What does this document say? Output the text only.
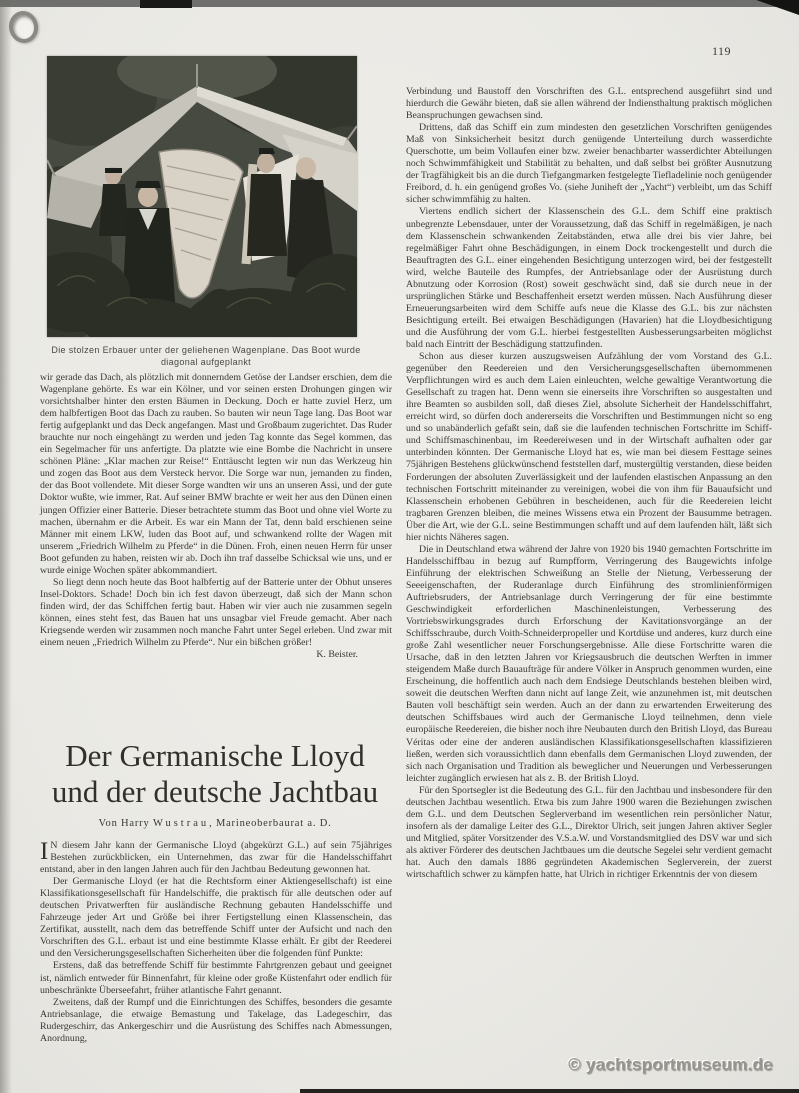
119
Die stolzen Erbauer unter der geliehenen Wagenplane. Das Boot wurde
diagonal aufgeplankt

wir gerade das Dach, als plötzlich mit donnerndem Getöse der Landser erschien, dem die Wagenplane gehörte. Es war ein Kölner, und vor seinen ersten Drohungen gingen wir vorsichtshalber hinter den ersten Bäumen in Deckung. Doch er hatte zuviel Herz, um dem halbfertigen Boot das Dach zu rauben. So bauten wir neun Tage lang. Das Boot war fertig aufgeplankt und das Deck angefangen. Mast und Großbaum zugerichtet. Das Ruder brauchte nur noch eingehängt zu werden und jeden Tag konnte das Segel kommen, das ein Segelmacher für uns anfertigte. Da platzte wie eine Bombe die Nachricht in unsere schönen Pläne: „Klar machen zur Reise!“ Enttäuscht legten wir nun das Werkzeug hin und zogen das Boot aus dem Versteck hervor. Die Sorge war nun, jemanden zu finden, der das Boot vollendete. Mit dieser Sorge wandten wir uns an unseren Assi, und der gute Doktor wußte, wie immer, Rat. Auf seiner BMW brachte er weit her aus den Dünen einen jungen Offizier einer Batterie. Dieser betrachtete stumm das Boot und ohne viel Worte zu machen, übernahm er die Arbeit. Es war ein Mann der Tat, denn bald erschienen seine Männer mit einem LKW, luden das Boot auf, und schwankend rollte der Wagen mit unserem „Friedrich Wilhelm zu Pferde“ in die Dünen. Froh, einen neuen Herrn für unser Boot gefunden zu haben, reisten wir ab. Doch ihn traf dasselbe Schicksal wie uns, und er wurde einige Wochen später abkommandiert.

So liegt denn noch heute das Boot halbfertig auf der Batterie unter der Obhut unseres Insel-Doktors. Schade! Doch bin ich fest davon überzeugt, daß sich der Mann schon finden wird, der das Schiffchen fertig baut. Haben wir vier auch nie zusammen segeln können, eines steht fest, das Bauen hat uns unsagbar viel Freude gemacht. Aber nach Kriegsende werden wir zusammen noch manche Fahrt unter Segel erleben. Und zwar mit einem neuen „Friedrich Wilhelm zu Pferde“. Nur ein bißchen größer!

K. Beister.

Der Germanische Lloyd
und der deutsche Jachtbau
Von Harry Wustrau, Marineoberbaurat a. D.

I N diesem Jahr kann der Germanische Lloyd (abgekürzt G.L.) auf sein 75jähriges Bestehen zurückblicken, ein Unternehmen, das zwar für die Handelsschiffahrt entstand, aber in den langen Jahren auch für den Jachtbau Bedeutung gewonnen hat.

Der Germanische Lloyd (er hat die Rechtsform einer Aktiengesellschaft) ist eine Klassifikationsgesellschaft für Handelschiffe, die praktisch für alle deutschen oder auf deutschen Privatwerften für ausländische Rechnung gebauten Handelsschiffe und Fahrzeuge jeder Art und Größe bei ihrer Fertigstellung einen Klassenschein, das Zertifikat, ausstellt, nach dem das betreffende Schiff unter der Aufsicht und nach den Vorschriften des G.L. erbaut ist und eine bestimmte Klasse erhält. Er gibt der Reederei und den Versicherungsgesellschaften Sicherheiten über die folgenden fünf Punkte:

Erstens, daß das betreffende Schiff für bestimmte Fahrtgrenzen gebaut und geeignet ist, nämlich entweder für Binnenfahrt, für kleine oder große Küstenfahrt oder endlich für unbeschränkte Überseefahrt, früher atlantische Fahrt genannt.

Zweitens, daß der Rumpf und die Einrichtungen des Schiffes, besonders die gesamte Antriebsanlage, die etwaige Bemastung und Takelage, das Ladegeschirr, das Rudergeschirr, das Ankergeschirr und die Ausrüstung des Schiffes nach Abmessungen, Anordnung,

Verbindung und Baustoff den Vorschriften des G.L. entsprechend ausgeführt sind und hierdurch die Gewähr bieten, daß sie allen während der Indiensthaltung praktisch möglichen Beanspruchungen gewachsen sind.

Drittens, daß das Schiff ein zum mindesten den gesetzlichen Vorschriften genügendes Maß von Sinksicherheit besitzt durch genügende Unterteilung durch wasserdichte Querschotte, um beim Vollaufen einer bzw. zweier benachbarter wasserdichter Abteilungen noch Schwimmfähigkeit und Stabilität zu behalten, und daß selbst bei größter Ausnutzung der Tragfähigkeit bis an die durch Tiefgangmarken festgelegte Tiefladelinie noch genügender Freibord, d. h. ein genügend großes Vo. (siehe Juniheft der „Yacht“) verbleibt, um das Schiff sicher schwimmfähig zu halten.

Viertens endlich sichert der Klassenschein des G.L. dem Schiff eine praktisch unbegrenzte Lebensdauer, unter der Voraussetzung, daß das Schiff in regelmäßigen, je nach dem Klassenschein schwankenden Zeitabständen, etwa alle drei bis vier Jahre, bei regelmäßiger Fahrt ohne Beschädigungen, in einem Dock trockengestellt und durch die Beauftragten des G.L. einer eingehenden Besichtigung unterzogen wird, bei der festgestellt wird, welche Bauteile des Rumpfes, der Antriebsanlage oder der Ausrüstung durch Abnutzung oder Korrosion (Rost) soweit geschwächt sind, daß sie durch neue in der ursprünglichen Stärke und Beschaffenheit ersetzt werden müssen. Nach Ausführung dieser Erneuerungsarbeiten wird dem Schiffe aufs neue die Klasse des G.L. bis zur nächsten Besichtigung erteilt. Bei etwaigen Beschädigungen (Havarien) hat die Lloydbesichtigung und die Ausführung der vom G.L. hierbei festgestellten Ausbesserungsarbeiten möglichst bald nach Eintritt der Beschädigung stattzufinden.

Schon aus dieser kurzen auszugsweisen Aufzählung der vom Vorstand des G.L. gegenüber den Reedereien und den Versicherungsgesellschaften übernommenen Verpflichtungen wird es auch dem Laien einleuchten, welche gewaltige Verantwortung die Gesellschaft zu tragen hat. Denn wenn sie einerseits ihre Vorschriften so ausgestalten und ihre Beamten so ausbilden soll, daß dieses Ziel, absolute Sicherheit der Handelsschiffahrt, erreicht wird, so dürfen doch andererseits die Vorschriften und Bestimmungen nicht so eng und so unabänderlich gefaßt sein, daß sie die laufenden technischen Fortschritte im Schiff- und Schiffsmaschinenbau, im Reedereiwesen und in der Wirtschaft aufhalten oder gar unterbinden könnten. Der Germanische Lloyd hat es, wie man bei diesem Festtage seines 75jährigen Bestehens glückwünschend feststellen darf, mustergültig verstanden, diese beiden Forderungen der absoluten Zuverlässigkeit und der laufenden elastischen Anpassung an den technischen Fortschritt miteinander zu vereinigen, wobei die von ihm für Bauaufsicht und Klassenschein erhobenen Gebühren in bescheidenen, auch für die Reedereien leicht tragbaren Grenzen bleiben, die meines Wissens etwa ein Prozent der Bausumme betragen. Über die Art, wie der G.L. seine Bestimmungen schafft und auf dem laufenden hält, läßt sich hier nichts Näheres sagen.

Die in Deutschland etwa während der Jahre von 1920 bis 1940 gemachten Fortschritte im Handelsschiffbau in bezug auf Rumpfform, Verringerung des Baugewichts infolge Einführung der elektrischen Schweißung an Stelle der Nietung, Verbesserung der Seeeigenschaften, der Ruderanlage durch Einführung des stromlinienförmigen Auftriebsruders, der Antriebsanlage durch Verringerung der für eine bestimmte Geschwindigkeit erforderlichen Maschinenleistungen, Verbesserung des Vortriebswirkungsgrades durch Erforschung der Kavitationsvorgänge an der Schiffsschraube, durch Voith-Schneiderpropeller und Kortdüse und anderes, kurz durch eine große Zahl wesentlicher neuer Forschungsergebnisse. Alle diese Fortschritte waren die Ursache, daß in den letzten Jahren vor Kriegsausbruch die deutschen Werften in immer steigendem Maße durch Bauaufträge für andere Völker in Anspruch genommen wurden, eine Erscheinung, die hoffentlich auch nach dem Endsiege Deutschlands bestehen bleiben wird, soweit die deutschen Werften dann nicht auf lange Zeit, wie anzunehmen ist, mit deutschen Bauten voll beschäftigt sein werden. Auch an der dann zu erwartenden Erweiterung des deutschen Schiffsbaues wird auch der Germanische Lloyd teilnehmen, denn viele europäische Reedereien, die bisher noch ihre Neubauten durch den British Lloyd, das Bureau Véritas oder eine der anderen ausländischen Klassifikationsgesellschaften klassifizieren ließen, werden sich voraussichtlich dann ebenfalls dem Germanischen Lloyd zuwenden, der sich nach Organisation und Tradition als beweglicher und Neuerungen und Verbesserungen leichter zugänglich erwiesen hat als z. B. der British Lloyd.

Für den Sportsegler ist die Bedeutung des G.L. für den Jachtbau und insbesondere für den deutschen Jachtbau wesentlich. Etwa bis zum Jahre 1900 waren die Beziehungen zwischen dem G.L. und dem Deutschen Seglerverband im wesentlichen rein persönlicher Natur, insofern als der damalige Leiter des G.L., Direktor Ulrich, seit jungen Jahren aktiver Segler und Mitglied, später Vorsitzender des V.S.a.W. und Vorstandsmitglied des DSV war und sich als aktiver Förderer des deutschen Jachtbaues um die deutsche Segelei sehr verdient gemacht hat. Auch den damals 1886 gegründeten Akademischen Seglerverein, der zuerst wirtschaftlich schwer zu kämpfen hatte, hat Ulrich in richtiger Erkenntnis der von diesem

© yachtsportmuseum.de
